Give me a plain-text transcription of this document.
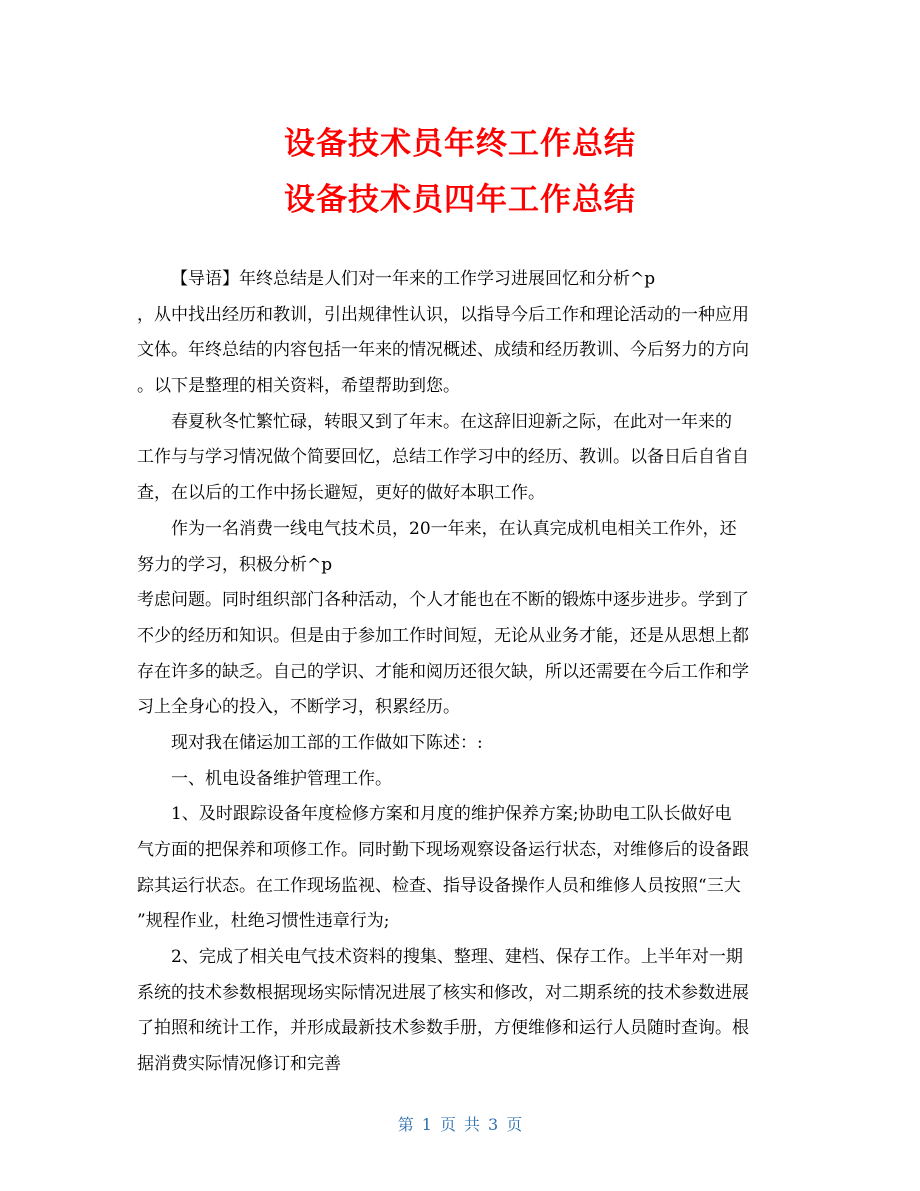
设备技术员年终工作总结
设备技术员四年工作总结
【导语】年终总结是人们对一年来的工作学习进展回忆和分析^p
，从中找出经历和教训，引出规律性认识，以指导今后工作和理论活动的一种应用
文体。年终总结的内容包括一年来的情况概述、成绩和经历教训、今后努力的方向
。以下是整理的相关资料，希望帮助到您。
春夏秋冬忙繁忙碌，转眼又到了年末。在这辞旧迎新之际，在此对一年来的
工作与与学习情况做个简要回忆，总结工作学习中的经历、教训。以备日后自省自
查，在以后的工作中扬长避短，更好的做好本职工作。
作为一名消费一线电气技术员，20一年来，在认真完成机电相关工作外，还
努力的学习，积极分析^p
考虑问题。同时组织部门各种活动，个人才能也在不断的锻炼中逐步进步。学到了
不少的经历和知识。但是由于参加工作时间短，无论从业务才能，还是从思想上都
存在许多的缺乏。自己的学识、才能和阅历还很欠缺，所以还需要在今后工作和学
习上全身心的投入，不断学习，积累经历。
现对我在储运加工部的工作做如下陈述：:
一、机电设备维护管理工作。
1、及时跟踪设备年度检修方案和月度的维护保养方案;协助电工队长做好电
气方面的把保养和项修工作。同时勤下现场观察设备运行状态，对维修后的设备跟
踪其运行状态。在工作现场监视、检查、指导设备操作人员和维修人员按照“三大
”规程作业，杜绝习惯性违章行为;
2、完成了相关电气技术资料的搜集、整理、建档、保存工作。上半年对一期
系统的技术参数根据现场实际情况进展了核实和修改，对二期系统的技术参数进展
了拍照和统计工作，并形成最新技术参数手册，方便维修和运行人员随时查询。根
据消费实际情况修订和完善
第 1 页 共 3 页
